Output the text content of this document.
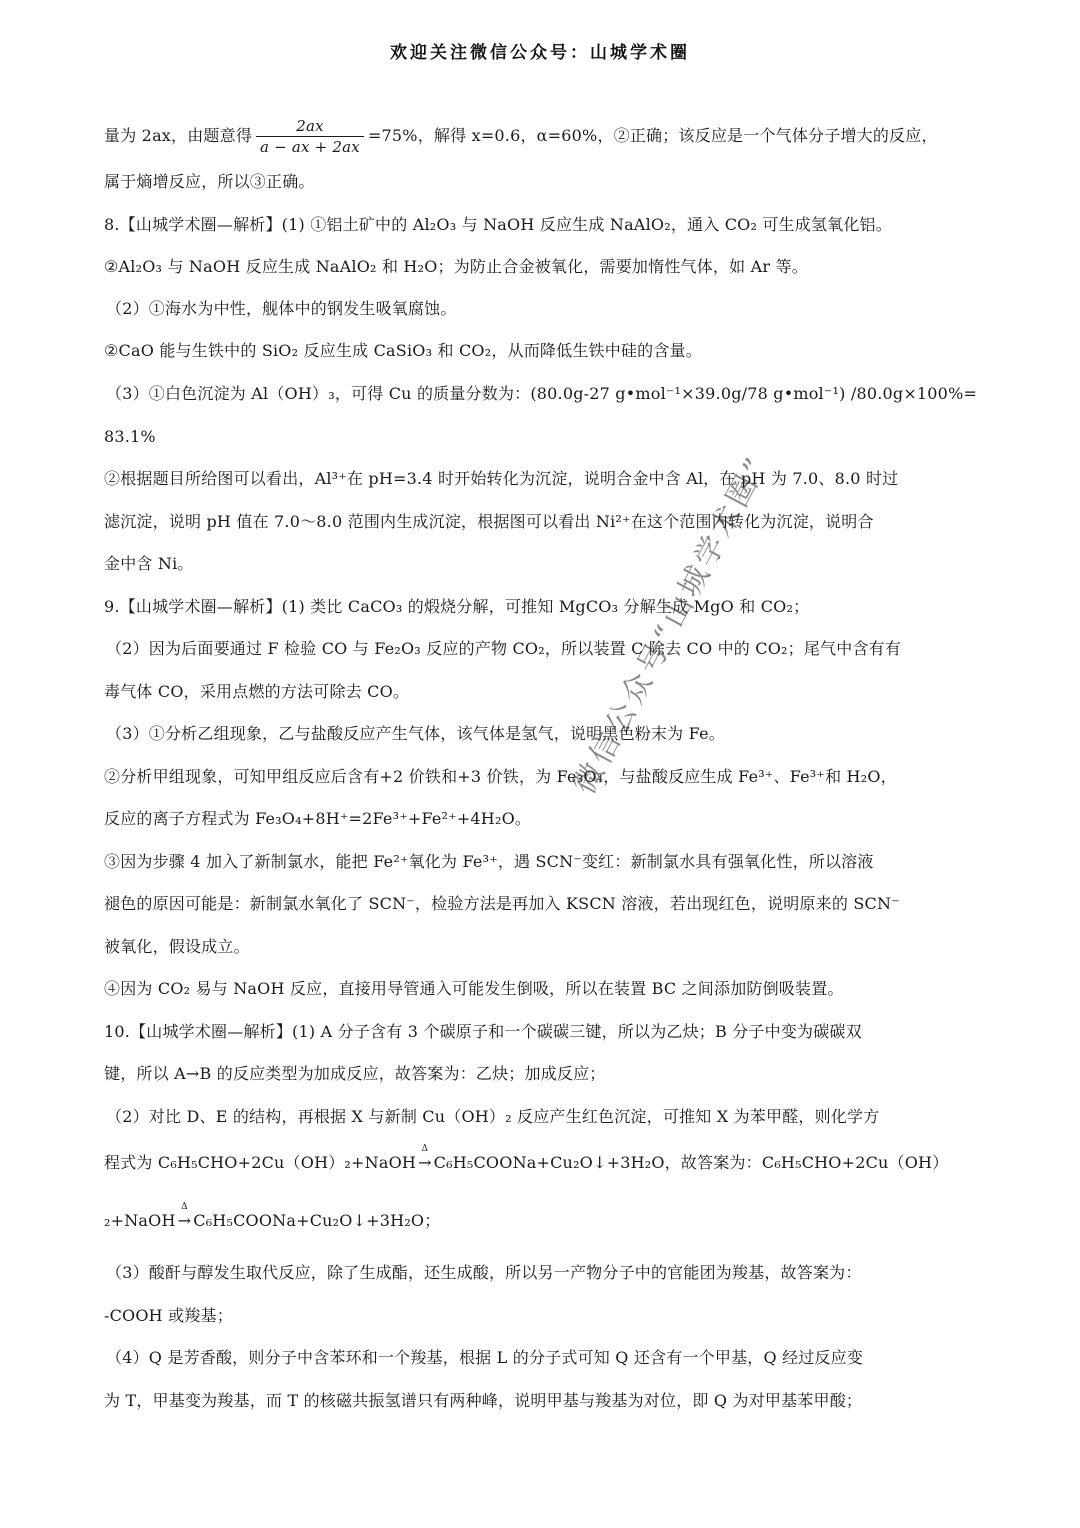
欢迎关注微信公众号：山城学术圈
量为 2ax，由题意得 $\frac{2ax}{a - ax + 2ax} =75\%$，解得 x=0.6，α=60%，②正确；该反应是一个气体分子增大的反应，
属于熵增反应，所以③正确。
8.【山城学术圈—解析】(1) ①铝土矿中的 Al₂O₃ 与 NaOH 反应生成 NaAlO₂，通入 CO₂ 可生成氢氧化铝。
②Al₂O₃ 与 NaOH 反应生成 NaAlO₂ 和 H₂O；为防止合金被氧化，需要加惰性气体，如 Ar 等。
（2）①海水为中性，舰体中的钢发生吸氧腐蚀。
②CaO 能与生铁中的 SiO₂ 反应生成 CaSiO₃ 和 CO₂，从而降低生铁中硅的含量。
（3）①白色沉淀为 Al（OH）₃，可得 Cu 的质量分数为：(80.0g-27 g•mol⁻¹×39.0g/78 g•mol⁻¹) /80.0g×100%=
83.1%
②根据题目所给图可以看出，Al³⁺在 pH=3.4 时开始转化为沉淀，说明合金中含 Al，在 pH 为 7.0、8.0 时过
滤沉淀，说明 pH 值在 7.0～8.0 范围内生成沉淀，根据图可以看出 Ni²⁺在这个范围内转化为沉淀，说明合
金中含 Ni。
9.【山城学术圈—解析】(1) 类比 CaCO₃ 的煅烧分解，可推知 MgCO₃ 分解生成 MgO 和 CO₂；
（2）因为后面要通过 F 检验 CO 与 Fe₂O₃ 反应的产物 CO₂，所以装置 C 除去 CO 中的 CO₂；尾气中含有有
毒气体 CO，采用点燃的方法可除去 CO。
（3）①分析乙组现象，乙与盐酸反应产生气体，该气体是氢气，说明黑色粉末为 Fe。
②分析甲组现象，可知甲组反应后含有+2 价铁和+3 价铁，为 Fe₃O₄，与盐酸反应生成 Fe³⁺、Fe³⁺和 H₂O，
反应的离子方程式为 Fe₃O₄+8H⁺=2Fe³⁺+Fe²⁺+4H₂O。
③因为步骤 4 加入了新制氯水，能把 Fe²⁺氧化为 Fe³⁺，遇 SCN⁻变红：新制氯水具有强氧化性，所以溶液
褪色的原因可能是：新制氯水氧化了 SCN⁻，检验方法是再加入 KSCN 溶液，若出现红色，说明原来的 SCN⁻
被氧化，假设成立。
④因为 CO₂ 易与 NaOH 反应，直接用导管通入可能发生倒吸，所以在装置 BC 之间添加防倒吸装置。
10.【山城学术圈—解析】(1) A 分子含有 3 个碳原子和一个碳碳三键，所以为乙炔；B 分子中变为碳碳双
键，所以 A→B 的反应类型为加成反应，故答案为：乙炔；加成反应；
（2）对比 D、E 的结构，再根据 X 与新制 Cu（OH）₂ 反应产生红色沉淀，可推知 X 为苯甲醛，则化学方
程式为 C₆H₅CHO+2Cu（OH）₂+NaOH
Δ
→ C₆H₅COONa+Cu₂O↓+3H₂O，故答案为：C₆H₅CHO+2Cu（OH）
₂+NaOH
Δ
→ C₆H₅COONa+Cu₂O↓+3H₂O；
（3）酸酐与醇发生取代反应，除了生成酯，还生成酸，所以另一产物分子中的官能团为羧基，故答案为：
-COOH 或羧基；
（4）Q 是芳香酸，则分子中含苯环和一个羧基，根据 L 的分子式可知 Q 还含有一个甲基，Q 经过反应变
为 T，甲基变为羧基，而 T 的核磁共振氢谱只有两种峰，说明甲基与羧基为对位，即 Q 为对甲基苯甲酸；
微信公众号“山城学术圈”
